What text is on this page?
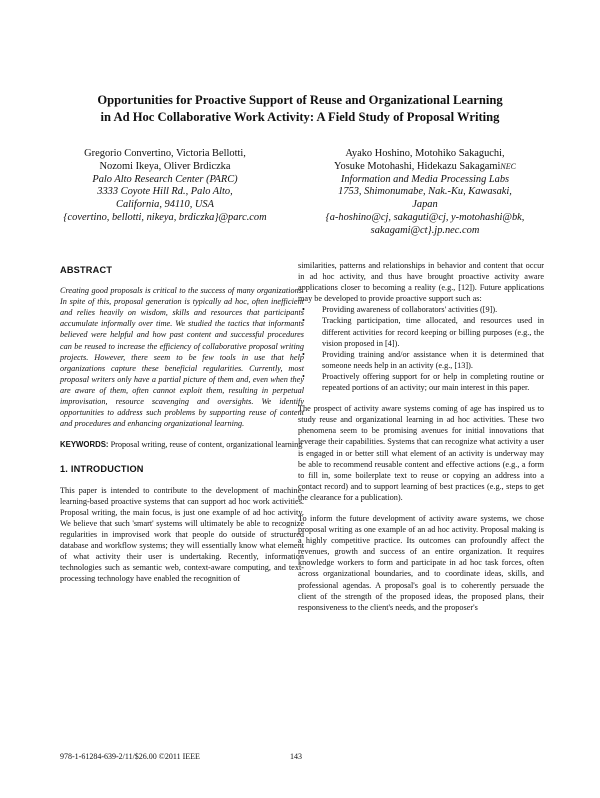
Opportunities for Proactive Support of Reuse and Organizational Learning
in Ad Hoc Collaborative Work Activity: A Field Study of Proposal Writing
Gregorio Convertino, Victoria Bellotti,
Nozomi Ikeya, Oliver Brdiczka
Palo Alto Research Center (PARC)
3333 Coyote Hill Rd., Palo Alto,
California, 94110, USA
{covertino, bellotti, nikeya, brdiczka}@parc.com
Ayako Hoshino, Motohiko Sakaguchi,
Yosuke Motohashi, Hidekazu SakagamiNEC
Information and Media Processing Labs
1753, Shimonumabe, Nak.-Ku, Kawasaki,
Japan
{a-hoshino@cj, sakaguti@cj, y-motohashi@bk,
sakagami@ct}.jp.nec.com
ABSTRACT

Creating good proposals is critical to the success of many organizations. In spite of this, proposal generation is typically ad hoc, often inefficient and relies heavily on wisdom, skills and resources that participants accumulate informally over time. We studied the tactics that informants believed were helpful and how past content and successful procedures can be reused to increase the efficiency of collaborative proposal writing projects. However, there seem to be few tools in use that help organizations capture these beneficial regularities. Currently, most proposal writers only have a partial picture of them and, even when they are aware of them, often cannot exploit them, resulting in perpetual improvisation, resource scavenging and oversights. We identify opportunities to address such problems by supporting reuse of content and procedures and enhancing organizational learning.

KEYWORDS: Proposal writing, reuse of content, organizational learning

1. INTRODUCTION

This paper is intended to contribute to the development of machine-learning-based proactive systems that can support ad hoc work activities. Proposal writing, the main focus, is just one example of ad hoc activity. We believe that such 'smart' systems will ultimately be able to recognize regularities in improvised work that people do outside of structured database and workflow systems; they will essentially know what element of what activity their user is undertaking. Recently, information technologies such as semantic web, context-aware computing, and text-processing technology have enabled the recognition of

similarities, patterns and relationships in behavior and content that occur in ad hoc activity, and thus have brought proactive activity aware applications closer to becoming a reality (e.g., [12]). Future applications may be developed to provide proactive support such as:

• Providing awareness of collaborators' activities ([9]).
• Tracking participation, time allocated, and resources used in different activities for record keeping or billing purposes (e.g., the vision proposed in [4]).
• Providing training and/or assistance when it is determined that someone needs help in an activity (e.g., [13]).
• Proactively offering support for or help in completing routine or repeated portions of an activity; our main interest in this paper.

The prospect of activity aware systems coming of age has inspired us to study reuse and organizational learning in ad hoc activities. These two phenomena seem to be promising avenues for initial innovations that leverage their capabilities. Systems that can recognize what activity a user is engaged in or better still what element of an activity is underway may be able to recommend reusable content and effective actions (e.g., a form to fill in, some boilerplate text to reuse or copying an address into a contact record) and to support learning of best practices (e.g., steps to get the clearance for a publication).

To inform the future development of activity aware systems, we chose proposal writing as one example of an ad hoc activity. Proposal making is a highly competitive practice. Its outcomes can profoundly affect the revenues, growth and success of an entire organization. It requires knowledge workers to form and participate in ad hoc task forces, often across organizational boundaries, and to coordinate ideas, skills, and professional agendas. A proposal's goal is to coherently persuade the client of the strength of the proposed ideas, the proposed plans, their responsiveness to the client's needs, and the proposer's

978-1-61284-639-2/11/$26.00 ©2011 IEEE	143
